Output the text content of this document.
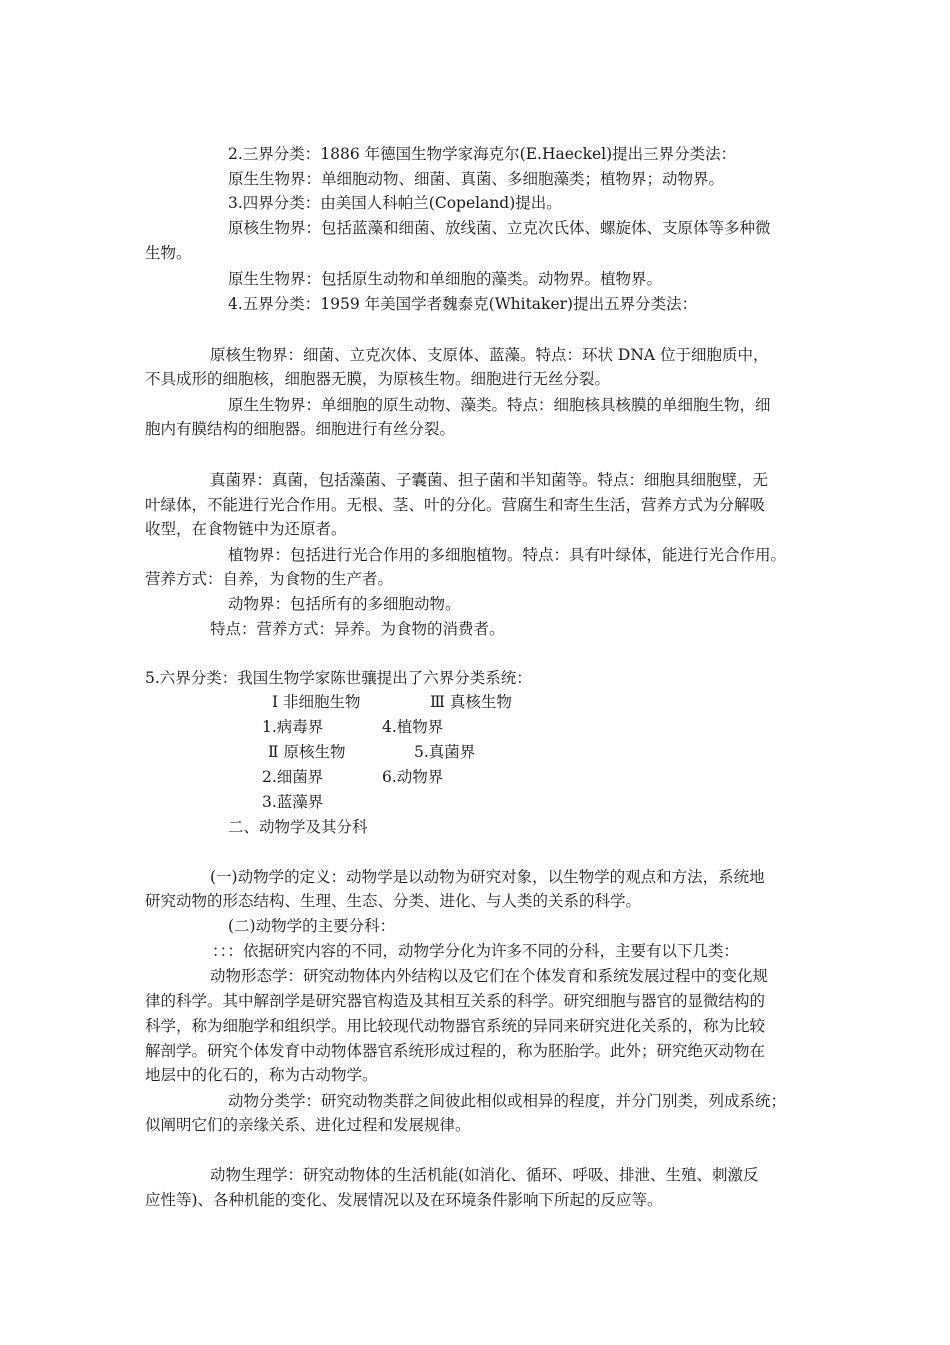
2.三界分类：1886 年德国生物学家海克尔(E.Haeckel)提出三界分类法：
原生生物界：单细胞动物、细菌、真菌、多细胞藻类；植物界；动物界。
3.四界分类：由美国人科帕兰(Copeland)提出。
原核生物界：包括蓝藻和细菌、放线菌、立克次氏体、螺旋体、支原体等多种微
生物。
原生生物界：包括原生动物和单细胞的藻类。动物界。植物界。
4.五界分类：1959 年美国学者魏泰克(Whitaker)提出五界分类法：
原核生物界：细菌、立克次体、支原体、蓝藻。特点：环状 DNA 位于细胞质中，
不具成形的细胞核，细胞器无膜，为原核生物。细胞进行无丝分裂。
原生生物界：单细胞的原生动物、藻类。特点：细胞核具核膜的单细胞生物，细
胞内有膜结构的细胞器。细胞进行有丝分裂。
真菌界：真菌，包括藻菌、子囊菌、担子菌和半知菌等。特点：细胞具细胞壁，无
叶绿体，不能进行光合作用。无根、茎、叶的分化。营腐生和寄生生活，营养方式为分解吸
收型，在食物链中为还原者。
植物界：包括进行光合作用的多细胞植物。特点：具有叶绿体，能进行光合作用。
营养方式：自养，为食物的生产者。
动物界：包括所有的多细胞动物。
特点：营养方式：异养。为食物的消费者。
5.六界分类：我国生物学家陈世骧提出了六界分类系统：
Ⅰ 非细胞生物	Ⅲ 真核生物
1.病毒界	4.植物界
Ⅱ 原核生物	5.真菌界
2.细菌界	6.动物界
3.蓝藻界
二、动物学及其分科
(一)动物学的定义：动物学是以动物为研究对象，以生物学的观点和方法，系统地
研究动物的形态结构、生理、生态、分类、进化、与人类的关系的科学。
(二)动物学的主要分科：
：：：依据研究内容的不同，动物学分化为许多不同的分科，主要有以下几类：
动物形态学：研究动物体内外结构以及它们在个体发育和系统发展过程中的变化规
律的科学。其中解剖学是研究器官构造及其相互关系的科学。研究细胞与器官的显微结构的
科学，称为细胞学和组织学。用比较现代动物器官系统的异同来研究进化关系的，称为比较
解剖学。研究个体发育中动物体器官系统形成过程的，称为胚胎学。此外；研究绝灭动物在
地层中的化石的，称为古动物学。
动物分类学：研究动物类群之间彼此相似或相异的程度，并分门别类，列成系统；
似阐明它们的亲缘关系、进化过程和发展规律。
动物生理学：研究动物体的生活机能(如消化、循环、呼吸、排泄、生殖、刺激反
应性等)、各种机能的变化、发展情况以及在环境条件影响下所起的反应等。
